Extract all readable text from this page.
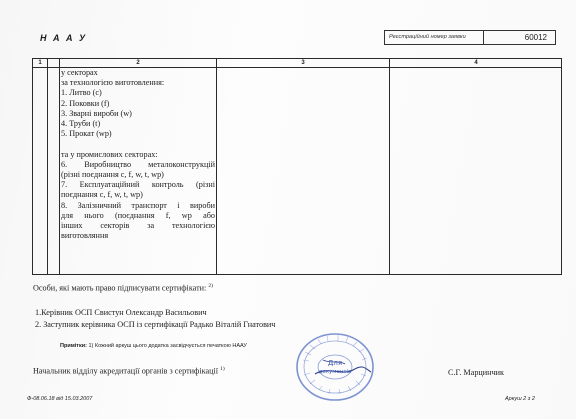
Н А А У	Реєстраційний номер заявки	60012
1	2	3	4
у секторах
за технологією виготовлення:
1. Литво (c)
2. Поковки (f)
3. Зварні вироби (w)
4. Труби (t)
5. Прокат (wp)
та у промислових секторах:
6. Виробництво металоконструкцій
(різні поєднання c, f, w, t, wp)
7. Експлуатаційний контроль (різні
поєднання c, f, w, t, wp)
8. Залізничний транспорт і вироби
для нього (поєднання f, wp або
інших секторів за технологією
виготовляння
Особи, які мають право підписувати сертифікати: $^{2)}$
1.Керівник ОСП Свистун Олександр Васильович
2. Заступник керівника ОСП із сертифікації Радько Віталій Гнатович
Примітки: 1) Кожний аркуш цього додатка засвідчується печаткою НААУ
Начальник відділу акредитації органів з сертифікації $^{1)}$	С.Г. Марцинчик
Для
документів
Ф-08.06.18 від 15.03.2007	Аркуш 2 з 2
